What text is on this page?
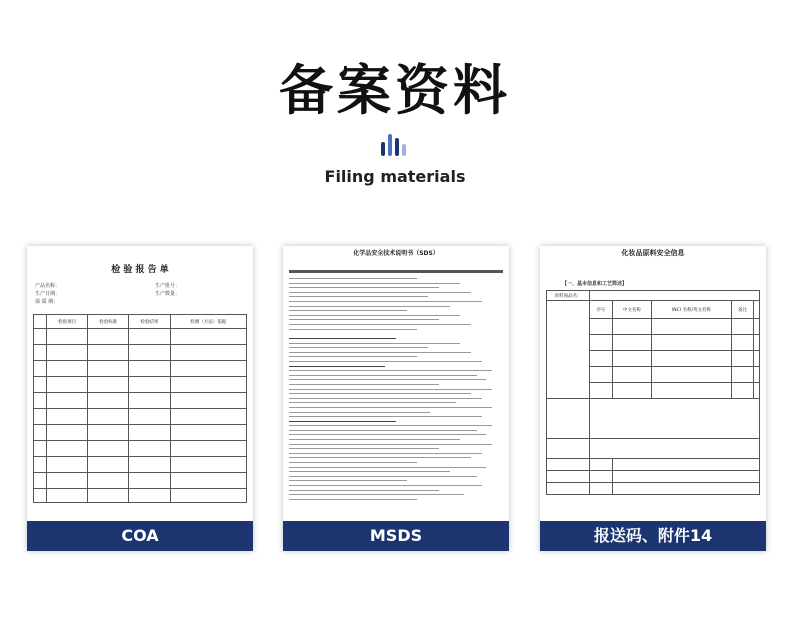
备案资料
Filing materials
检 验 报 告 单
产品名称：
生产日期：
保 质 期：
生产批号：
生产数量：
	检验项目	检验标准	检验结果	检测（方法）依据

COA
化学品安全技术说明书（SDS）
MSDS
化妆品原料安全信息
【一、基本信息和工艺简述】
原料商品名：					
	序号	中文名称	INCI 名称/英文名称	备注	

报送码、附件14
